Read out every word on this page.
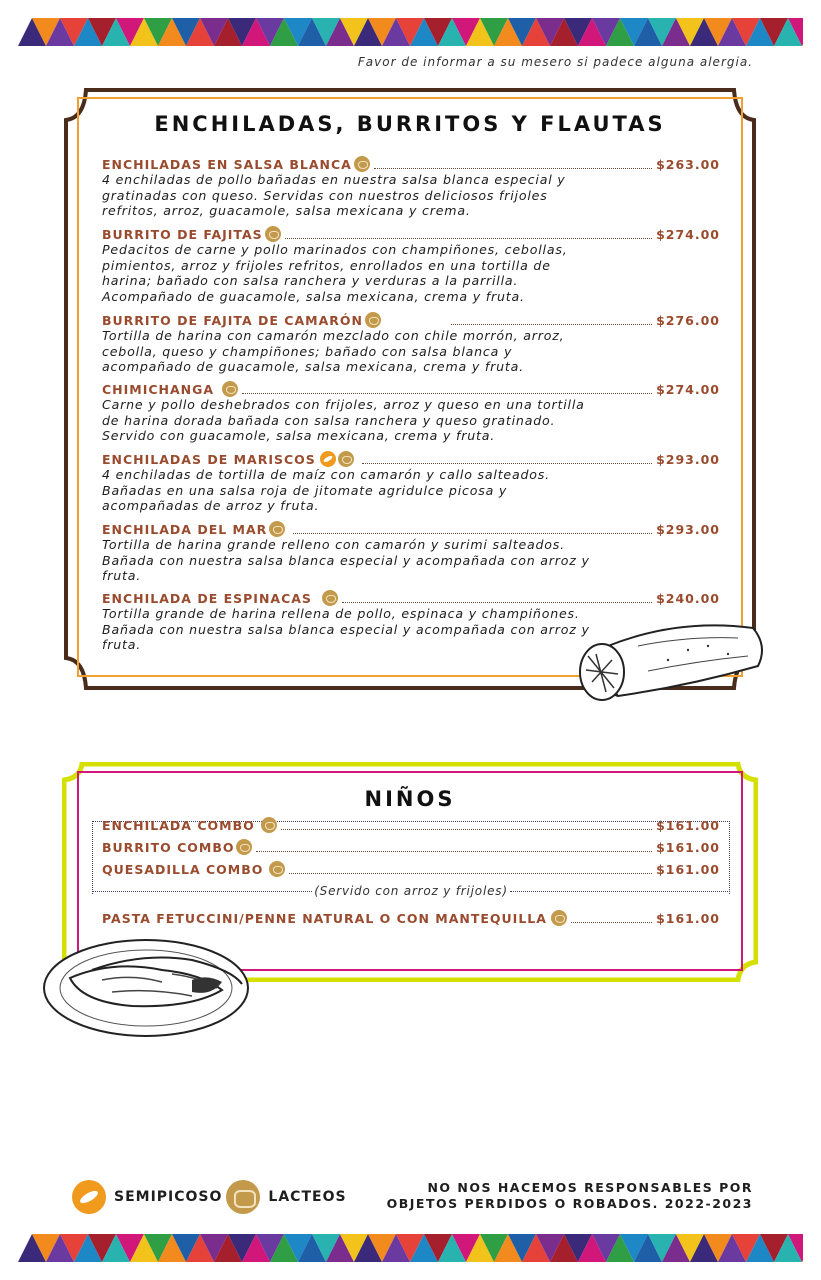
Favor de informar a su mesero si padece alguna alergia.
ENCHILADAS, BURRITOS Y FLAUTAS
ENCHILADAS EN SALSA BLANCA	$263.00
4 enchiladas de pollo bañadas en nuestra salsa blanca especial y gratinadas con queso. Servidas con nuestros deliciosos frijoles refritos, arroz, guacamole, salsa mexicana y crema.
BURRITO DE FAJITAS	$274.00
Pedacitos de carne y pollo marinados con champiñones, cebollas, pimientos, arroz y frijoles refritos, enrollados en una tortilla de harina; bañado con salsa ranchera y verduras a la parrilla. Acompañado de guacamole, salsa mexicana, crema y fruta.
BURRITO DE FAJITA DE CAMARÓN	$276.00
Tortilla de harina con camarón mezclado con chile morrón, arroz, cebolla, queso y champiñones; bañado con salsa blanca y acompañado de guacamole, salsa mexicana, crema y fruta.
CHIMICHANGA	$274.00
Carne y pollo deshebrados con frijoles, arroz y queso en una tortilla de harina dorada bañada con salsa ranchera y queso gratinado. Servido con guacamole, salsa mexicana, crema y fruta.
ENCHILADAS DE MARISCOS	$293.00
4 enchiladas de tortilla de maíz con camarón y callo salteados. Bañadas en una salsa roja de jitomate agridulce picosa y acompañadas de arroz y fruta.
ENCHILADA DEL MAR	$293.00
Tortilla de harina grande relleno con camarón y surimi salteados. Bañada con nuestra salsa blanca especial y acompañada con arroz y fruta.
ENCHILADA DE ESPINACAS	$240.00
Tortilla grande de harina rellena de pollo, espinaca y champiñones. Bañada con nuestra salsa blanca especial y acompañada con arroz y fruta.
NIÑOS
ENCHILADA COMBO	$161.00
BURRITO COMBO	$161.00
QUESADILLA COMBO	$161.00
PASTA FETUCCINI/PENNE NATURAL O CON MANTEQUILLA	$161.00
(Servido con arroz y frijoles)
SEMIPICOSO	LACTEOS
NO NOS HACEMOS RESPONSABLES POR
OBJETOS PERDIDOS O ROBADOS. 2022-2023
